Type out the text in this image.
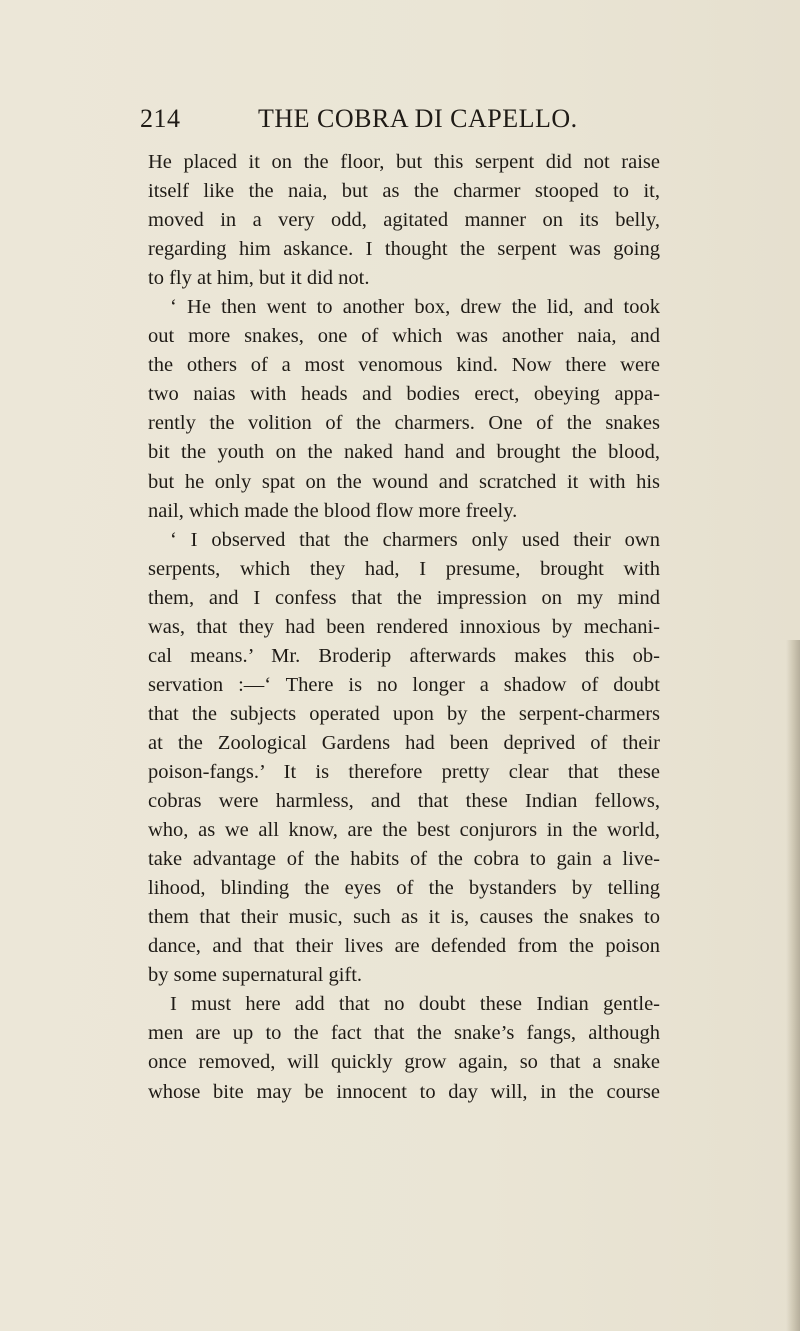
214	THE COBRA DI CAPELLO.
He placed it on the floor, but this serpent did not raise
itself like the naia, but as the charmer stooped to it,
moved in a very odd, agitated manner on its belly,
regarding him askance. I thought the serpent was going
to fly at him, but it did not.
‘ He then went to another box, drew the lid, and took
out more snakes, one of which was another naia, and
the others of a most venomous kind. Now there were
two naias with heads and bodies erect, obeying appa-
rently the volition of the charmers. One of the snakes
bit the youth on the naked hand and brought the blood,
but he only spat on the wound and scratched it with his
nail, which made the blood flow more freely.
‘ I observed that the charmers only used their own
serpents, which they had, I presume, brought with
them, and I confess that the impression on my mind
was, that they had been rendered innoxious by mechani-
cal means.’ Mr. Broderip afterwards makes this ob-
servation :—‘ There is no longer a shadow of doubt
that the subjects operated upon by the serpent-charmers
at the Zoological Gardens had been deprived of their
poison-fangs.’ It is therefore pretty clear that these
cobras were harmless, and that these Indian fellows,
who, as we all know, are the best conjurors in the world,
take advantage of the habits of the cobra to gain a live-
lihood, blinding the eyes of the bystanders by telling
them that their music, such as it is, causes the snakes to
dance, and that their lives are defended from the poison
by some supernatural gift.
I must here add that no doubt these Indian gentle-
men are up to the fact that the snake’s fangs, although
once removed, will quickly grow again, so that a snake
whose bite may be innocent to day will, in the course
